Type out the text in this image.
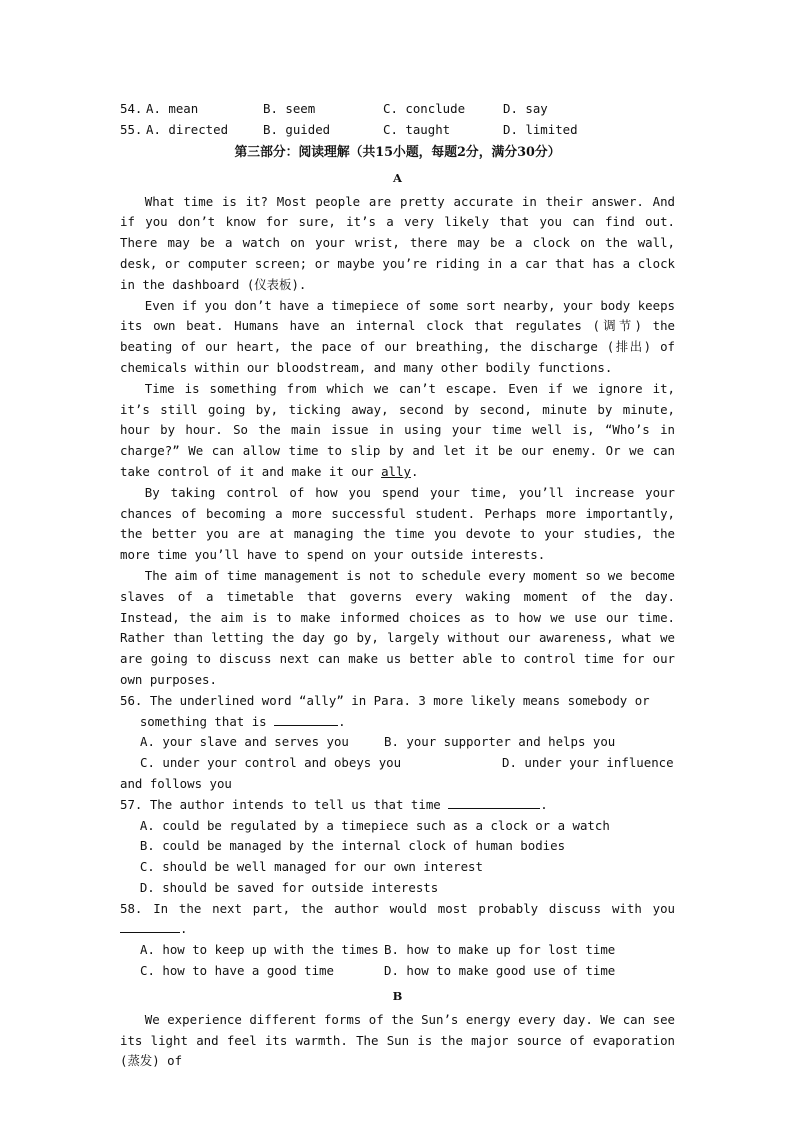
54. A. mean	B. seem	C. conclude	D. say
55. A. directed	B. guided	C. taught	D. limited
第三部分：阅读理解（共15小题，每题2分，满分30分）
A

What time is it? Most people are pretty accurate in their answer. And if you don’t know for sure, it’s a very likely that you can find out. There may be a watch on your wrist, there may be a clock on the wall, desk, or computer screen; or maybe you’re riding in a car that has a clock in the dashboard (仪表板).

Even if you don’t have a timepiece of some sort nearby, your body keeps its own beat. Humans have an internal clock that regulates (调节) the beating of our heart, the pace of our breathing, the discharge (排出) of chemicals within our bloodstream, and many other bodily functions.

Time is something from which we can’t escape. Even if we ignore it, it’s still going by, ticking away, second by second, minute by minute, hour by hour. So the main issue in using your time well is, “Who’s in charge?” We can allow time to slip by and let it be our enemy. Or we can take control of it and make it our ally.

By taking control of how you spend your time, you’ll increase your chances of becoming a more successful student. Perhaps more importantly, the better you are at managing the time you devote to your studies, the more time you’ll have to spend on your outside interests.

The aim of time management is not to schedule every moment so we become slaves of a timetable that governs every waking moment of the day. Instead, the aim is to make informed choices as to how we use our time. Rather than letting the day go by, largely without our awareness, what we are going to discuss next can make us better able to control time for our own purposes.

56. The underlined word “ally” in Para. 3 more likely means somebody or
something that is	.
A. your slave and serves you	B. your supporter and helps you
C. under your control and obeys you	D. under your influence
and follows you
57. The author intends to tell us that time	.
A. could be regulated by a timepiece such as a clock or a watch
B. could be managed by the internal clock of human bodies
C. should be well managed for our own interest
D. should be saved for outside interests
58. In the next part, the author would most probably discuss with you .
A. how to keep up with the times B. how to make up for lost time
C. how to have a good time	D. how to make good use of time
B

We experience different forms of the Sun’s energy every day. We can see its light and feel its warmth. The Sun is the major source of evaporation (蒸发) of
